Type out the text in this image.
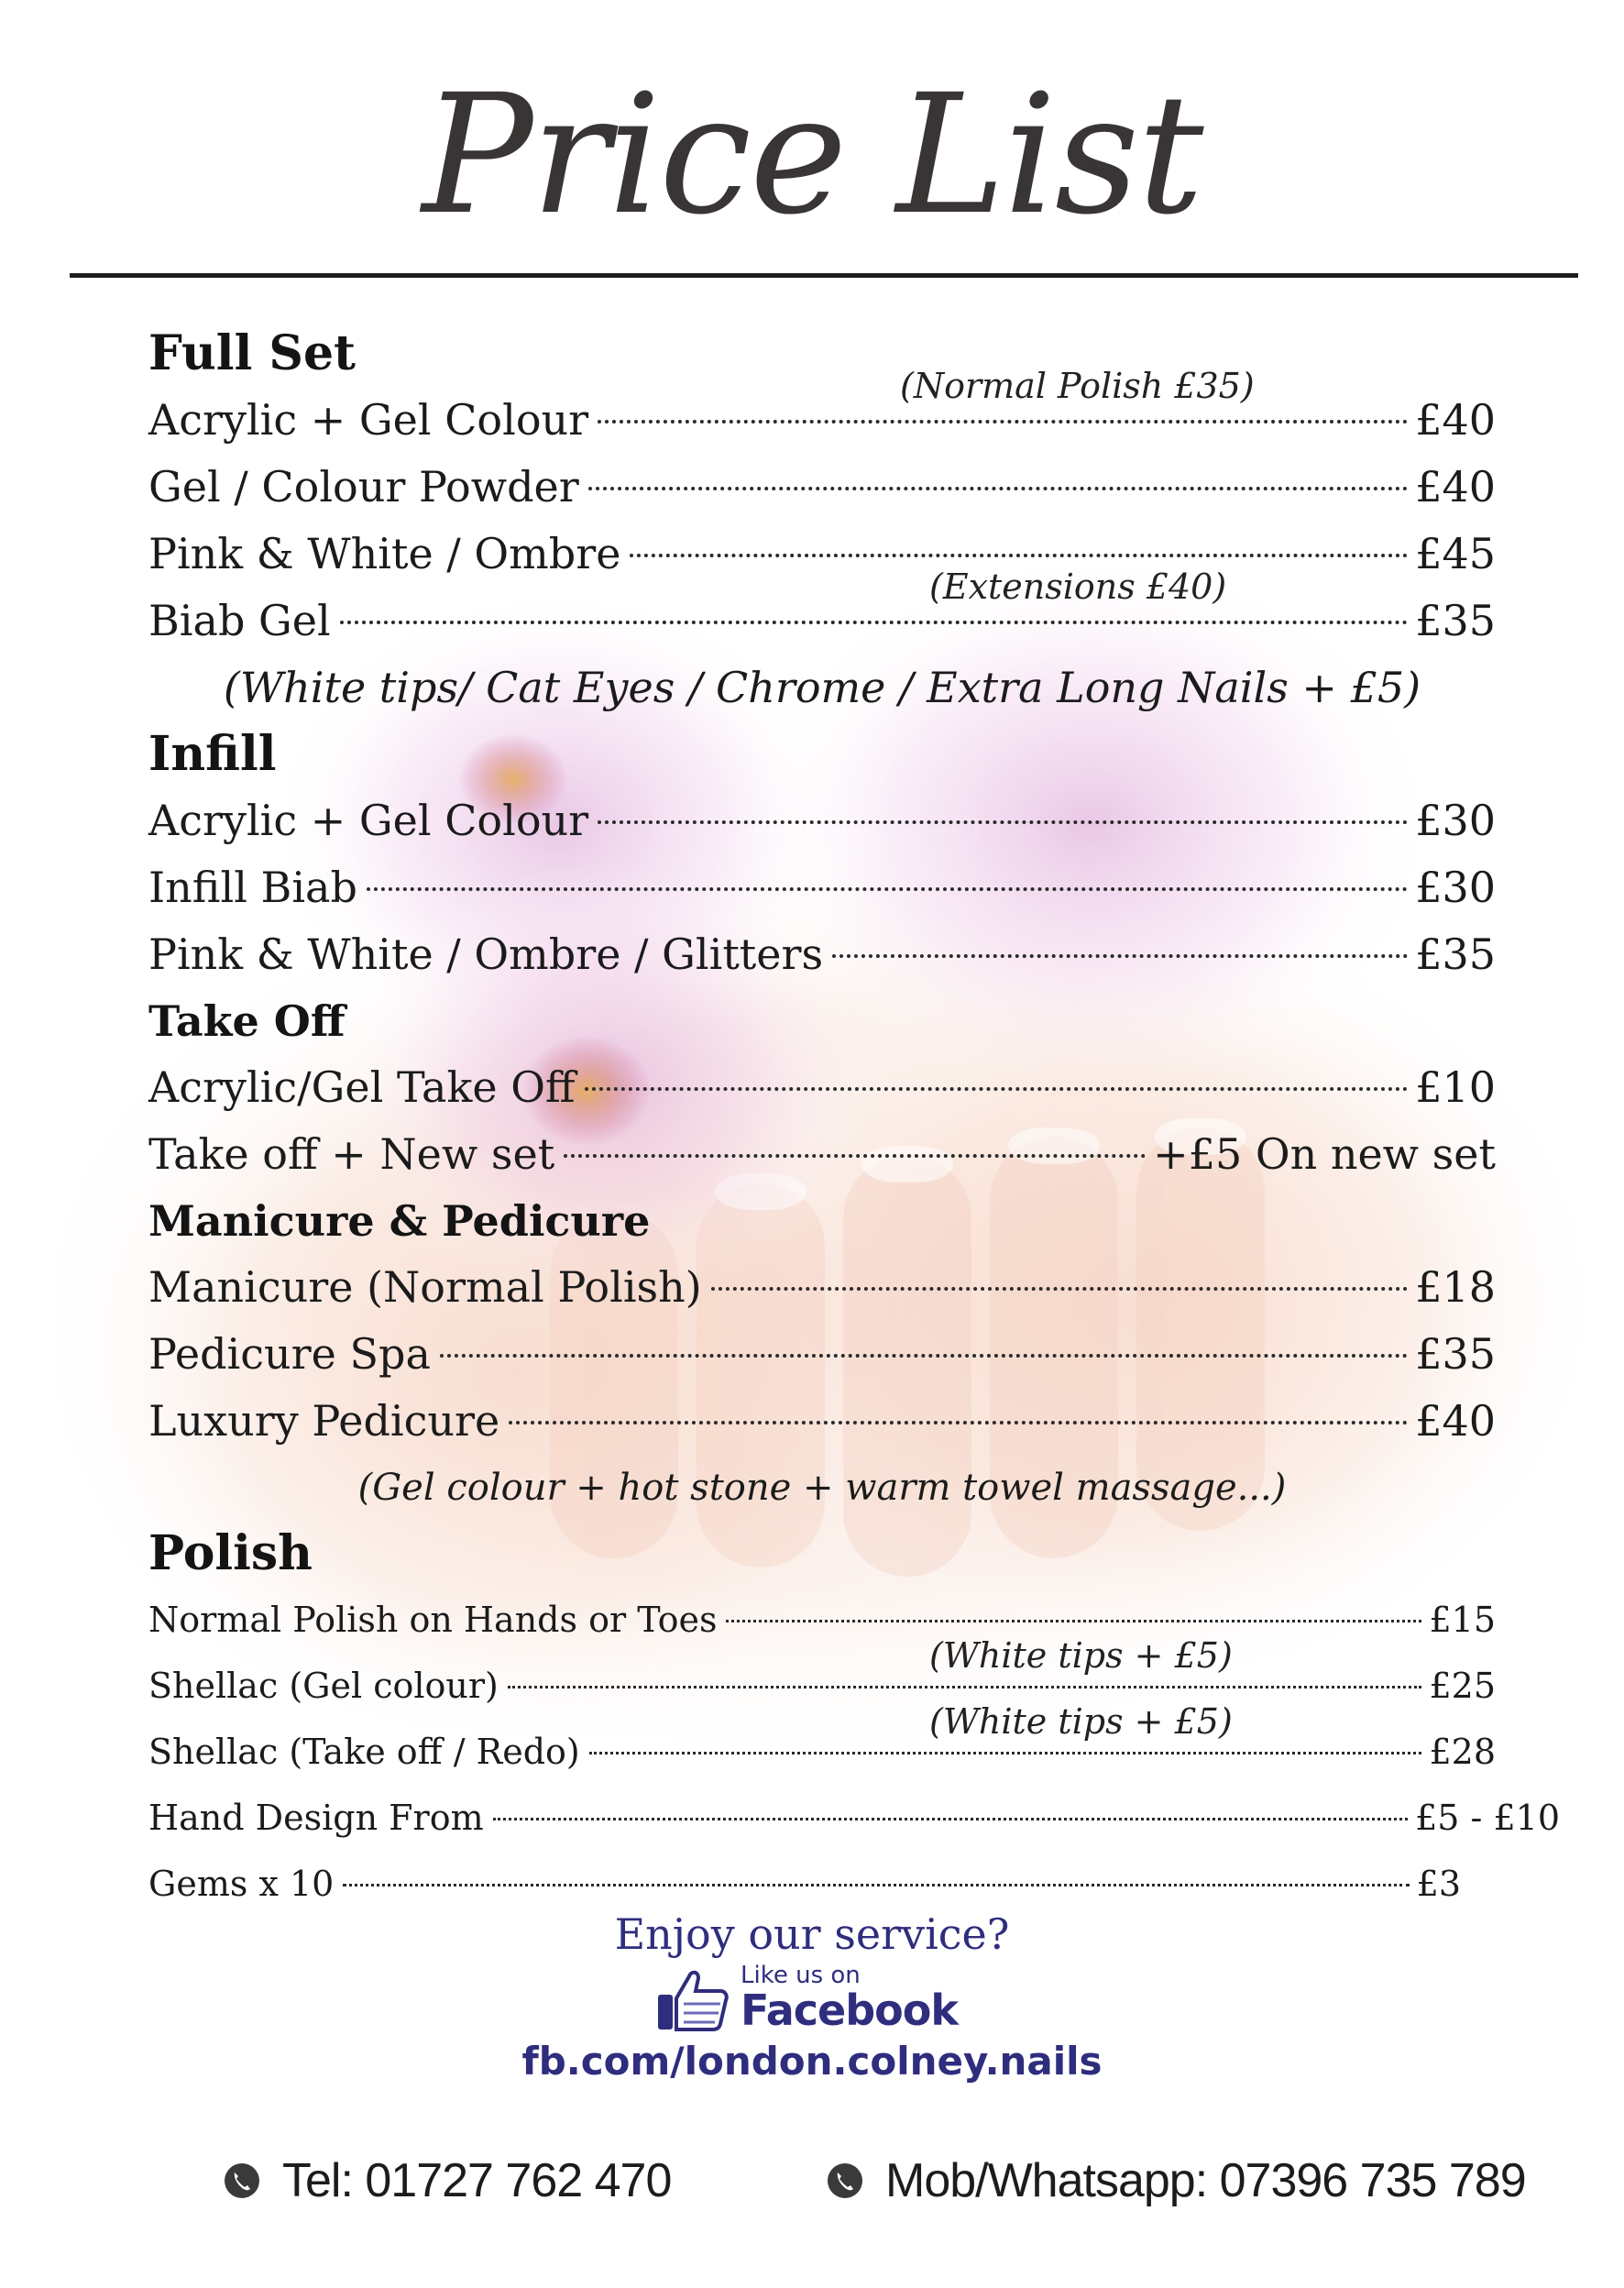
Price List
Full Set
Acrylic + Gel Colour	£40
(Normal Polish £35)
Gel / Colour Powder	£40
Pink & White / Ombre	£45
Biab Gel	£35
(Extensions £40)
(White tips/ Cat Eyes / Chrome / Extra Long Nails + £5)
Infill
Acrylic + Gel Colour	£30
Infill Biab	£30
Pink & White / Ombre / Glitters	£35
Take Off
Acrylic/Gel Take Off	£10
Take off + New set	+£5 On new set
Manicure & Pedicure
Manicure (Normal Polish)	£18
Pedicure Spa	£35
Luxury Pedicure	£40
(Gel colour + hot stone + warm towel massage...)
Polish
Normal Polish on Hands or Toes	£15
Shellac (Gel colour)	£25
(White tips + £5)
Shellac (Take off / Redo)	£28
(White tips + £5)
Hand Design From	£5 - £10
Gems x 10	£3
Enjoy our service?
Like us on
Facebook
fb.com/london.colney.nails
Tel: 01727 762 470	Mob/Whatsapp: 07396 735 789
